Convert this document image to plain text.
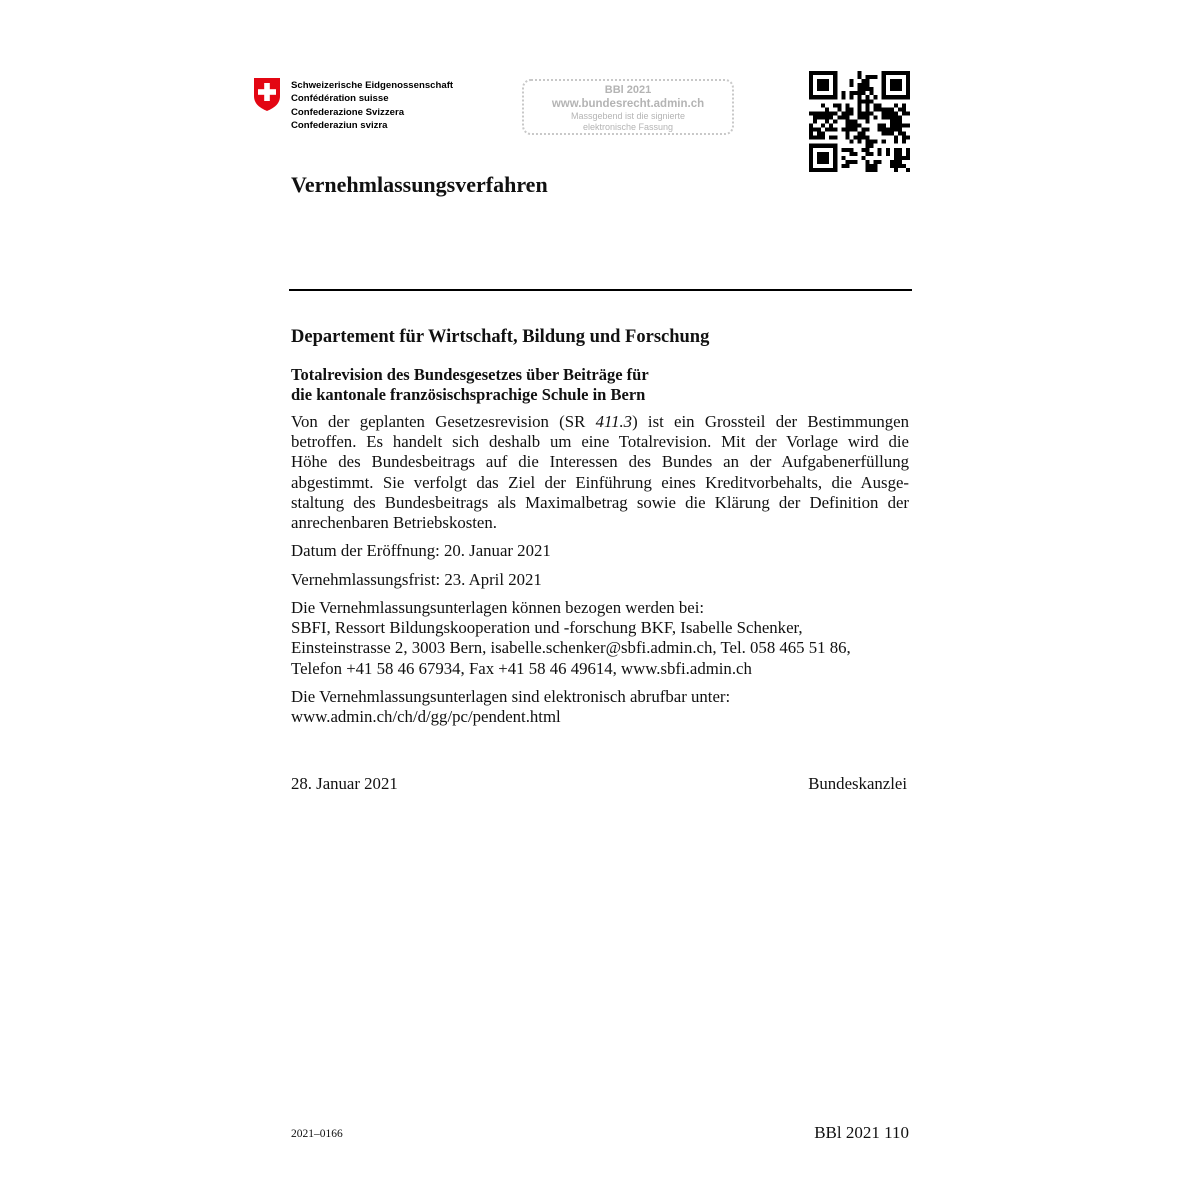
Schweizerische Eidgenossenschaft
Confédération suisse
Confederazione Svizzera
Confederaziun svizra
BBl 2021
www.bundesrecht.admin.ch
Massgebend ist die signierte
elektronische Fassung
Vernehmlassungsverfahren
Departement für Wirtschaft, Bildung und Forschung
Totalrevision des Bundesgesetzes über Beiträge für
die kantonale französischsprachige Schule in Bern
Von der geplanten Gesetzesrevision (SR 411.3) ist ein Grossteil der Bestimmungen
betroffen. Es handelt sich deshalb um eine Totalrevision. Mit der Vorlage wird die
Höhe des Bundesbeitrags auf die Interessen des Bundes an der Aufgabenerfüllung
abgestimmt. Sie verfolgt das Ziel der Einführung eines Kreditvorbehalts, die Ausge-
staltung des Bundesbeitrags als Maximalbetrag sowie die Klärung der Definition der
anrechenbaren Betriebskosten.
Datum der Eröffnung: 20. Januar 2021
Vernehmlassungsfrist: 23. April 2021
Die Vernehmlassungsunterlagen können bezogen werden bei:
SBFI, Ressort Bildungskooperation und -forschung BKF, Isabelle Schenker,
Einsteinstrasse 2, 3003 Bern, isabelle.schenker@sbfi.admin.ch, Tel. 058 465 51 86,
Telefon +41 58 46 67934, Fax +41 58 46 49614, www.sbfi.admin.ch
Die Vernehmlassungsunterlagen sind elektronisch abrufbar unter:
www.admin.ch/ch/d/gg/pc/pendent.html
28. Januar 2021	Bundeskanzlei
2021–0166	BBl 2021 110
